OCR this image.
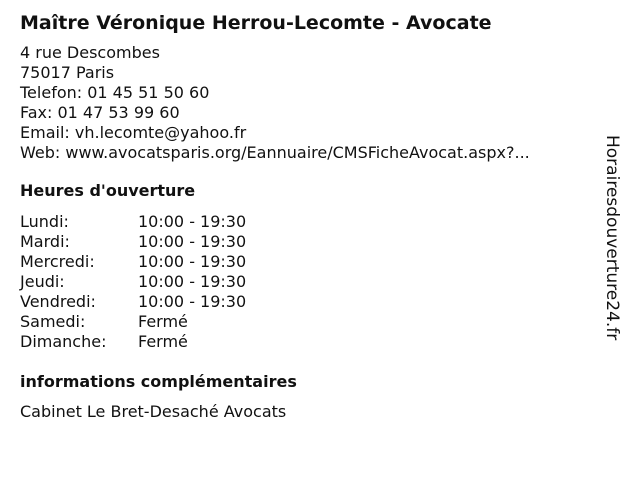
Maître Véronique Herrou-Lecomte - Avocate
4 rue Descombes
75017 Paris
Telefon: 01 45 51 50 60
Fax: 01 47 53 99 60
Email: vh.lecomte@yahoo.fr
Web: www.avocatsparis.org/Eannuaire/CMSFicheAvocat.aspx?...
Heures d'ouverture
Lundi:	10:00 - 19:30
Mardi:	10:00 - 19:30
Mercredi:	10:00 - 19:30
Jeudi:	10:00 - 19:30
Vendredi:	10:00 - 19:30
Samedi:	Fermé
Dimanche:	Fermé
informations complémentaires
Cabinet Le Bret-Desaché Avocats
Horairesdouverture24.fr
